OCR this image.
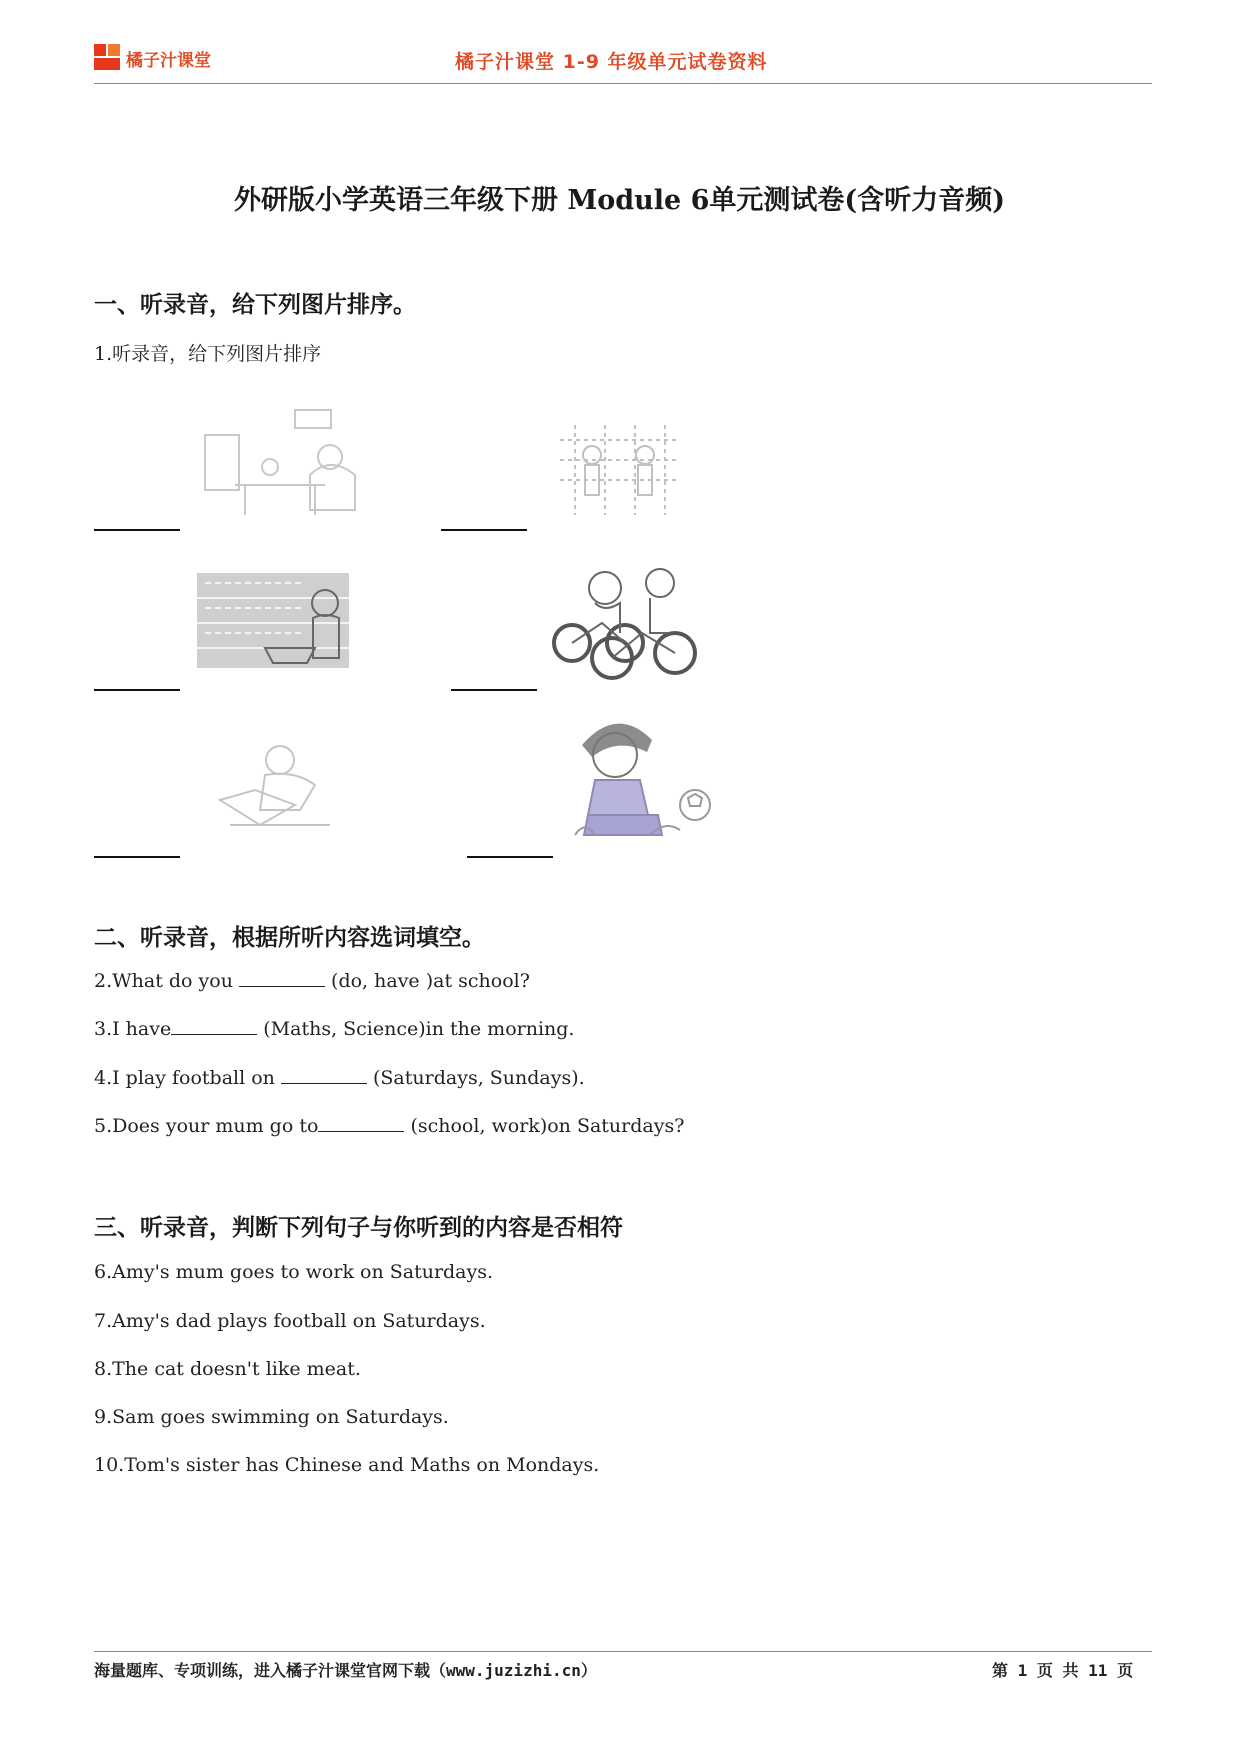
橘子汁课堂	橘子汁课堂 1-9 年级单元试卷资料
外研版小学英语三年级下册 Module 6单元测试卷(含听力音频)
一、听录音，给下列图片排序。
1.听录音，给下列图片排序
二、听录音，根据所听内容选词填空。
2.What do you	(do, have )at school?
3.I have	(Maths, Science)in the morning.
4.I play football on	(Saturdays, Sundays).
5.Does your mum go to	(school, work)on Saturdays?
三、听录音，判断下列句子与你听到的内容是否相符
6.Amy's mum goes to work on Saturdays.
7.Amy's dad plays football on Saturdays.
8.The cat doesn't like meat.
9.Sam goes swimming on Saturdays.
10.Tom's sister has Chinese and Maths on Mondays.
海量题库、专项训练，进入橘子汁课堂官网下载（www.juzizhi.cn）	第 1 页 共 11 页
